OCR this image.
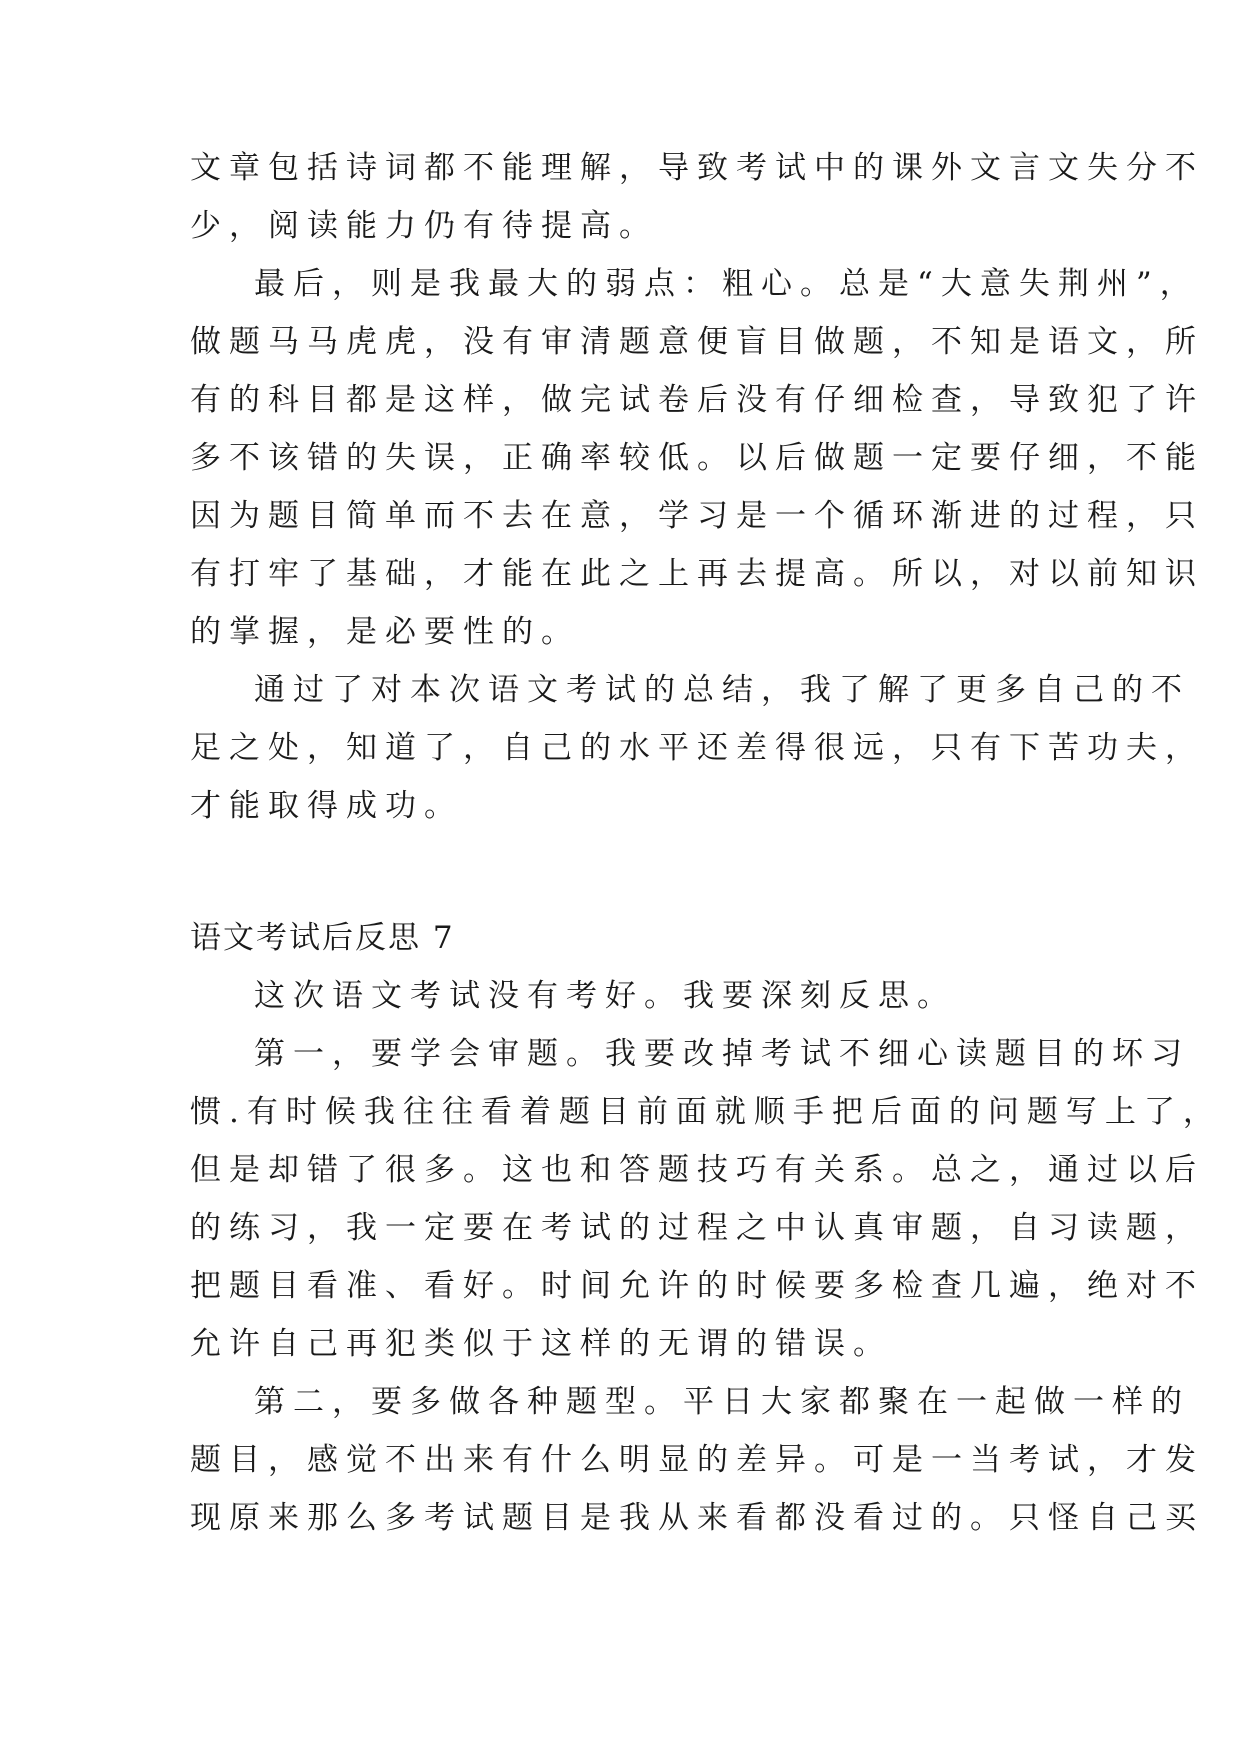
文章包括诗词都不能理解，导致考试中的课外文言文失分不
少，阅读能力仍有待提高。
最后，则是我最大的弱点：粗心。总是“大意失荆州”，
做题马马虎虎，没有审清题意便盲目做题，不知是语文，所
有的科目都是这样，做完试卷后没有仔细检查，导致犯了许
多不该错的失误，正确率较低。以后做题一定要仔细，不能
因为题目简单而不去在意，学习是一个循环渐进的过程，只
有打牢了基础，才能在此之上再去提高。所以，对以前知识
的掌握，是必要性的。
通过了对本次语文考试的总结，我了解了更多自己的不
足之处，知道了，自己的水平还差得很远，只有下苦功夫，
才能取得成功。
语文考试后反思 7
这次语文考试没有考好。我要深刻反思。
第一，要学会审题。我要改掉考试不细心读题目的坏习
惯.有时候我往往看着题目前面就顺手把后面的问题写上了，
但是却错了很多。这也和答题技巧有关系。总之，通过以后
的练习，我一定要在考试的过程之中认真审题，自习读题，
把题目看准、看好。时间允许的时候要多检查几遍，绝对不
允许自己再犯类似于这样的无谓的错误。
第二，要多做各种题型。平日大家都聚在一起做一样的
题目，感觉不出来有什么明显的差异。可是一当考试，才发
现原来那么多考试题目是我从来看都没看过的。只怪自己买
